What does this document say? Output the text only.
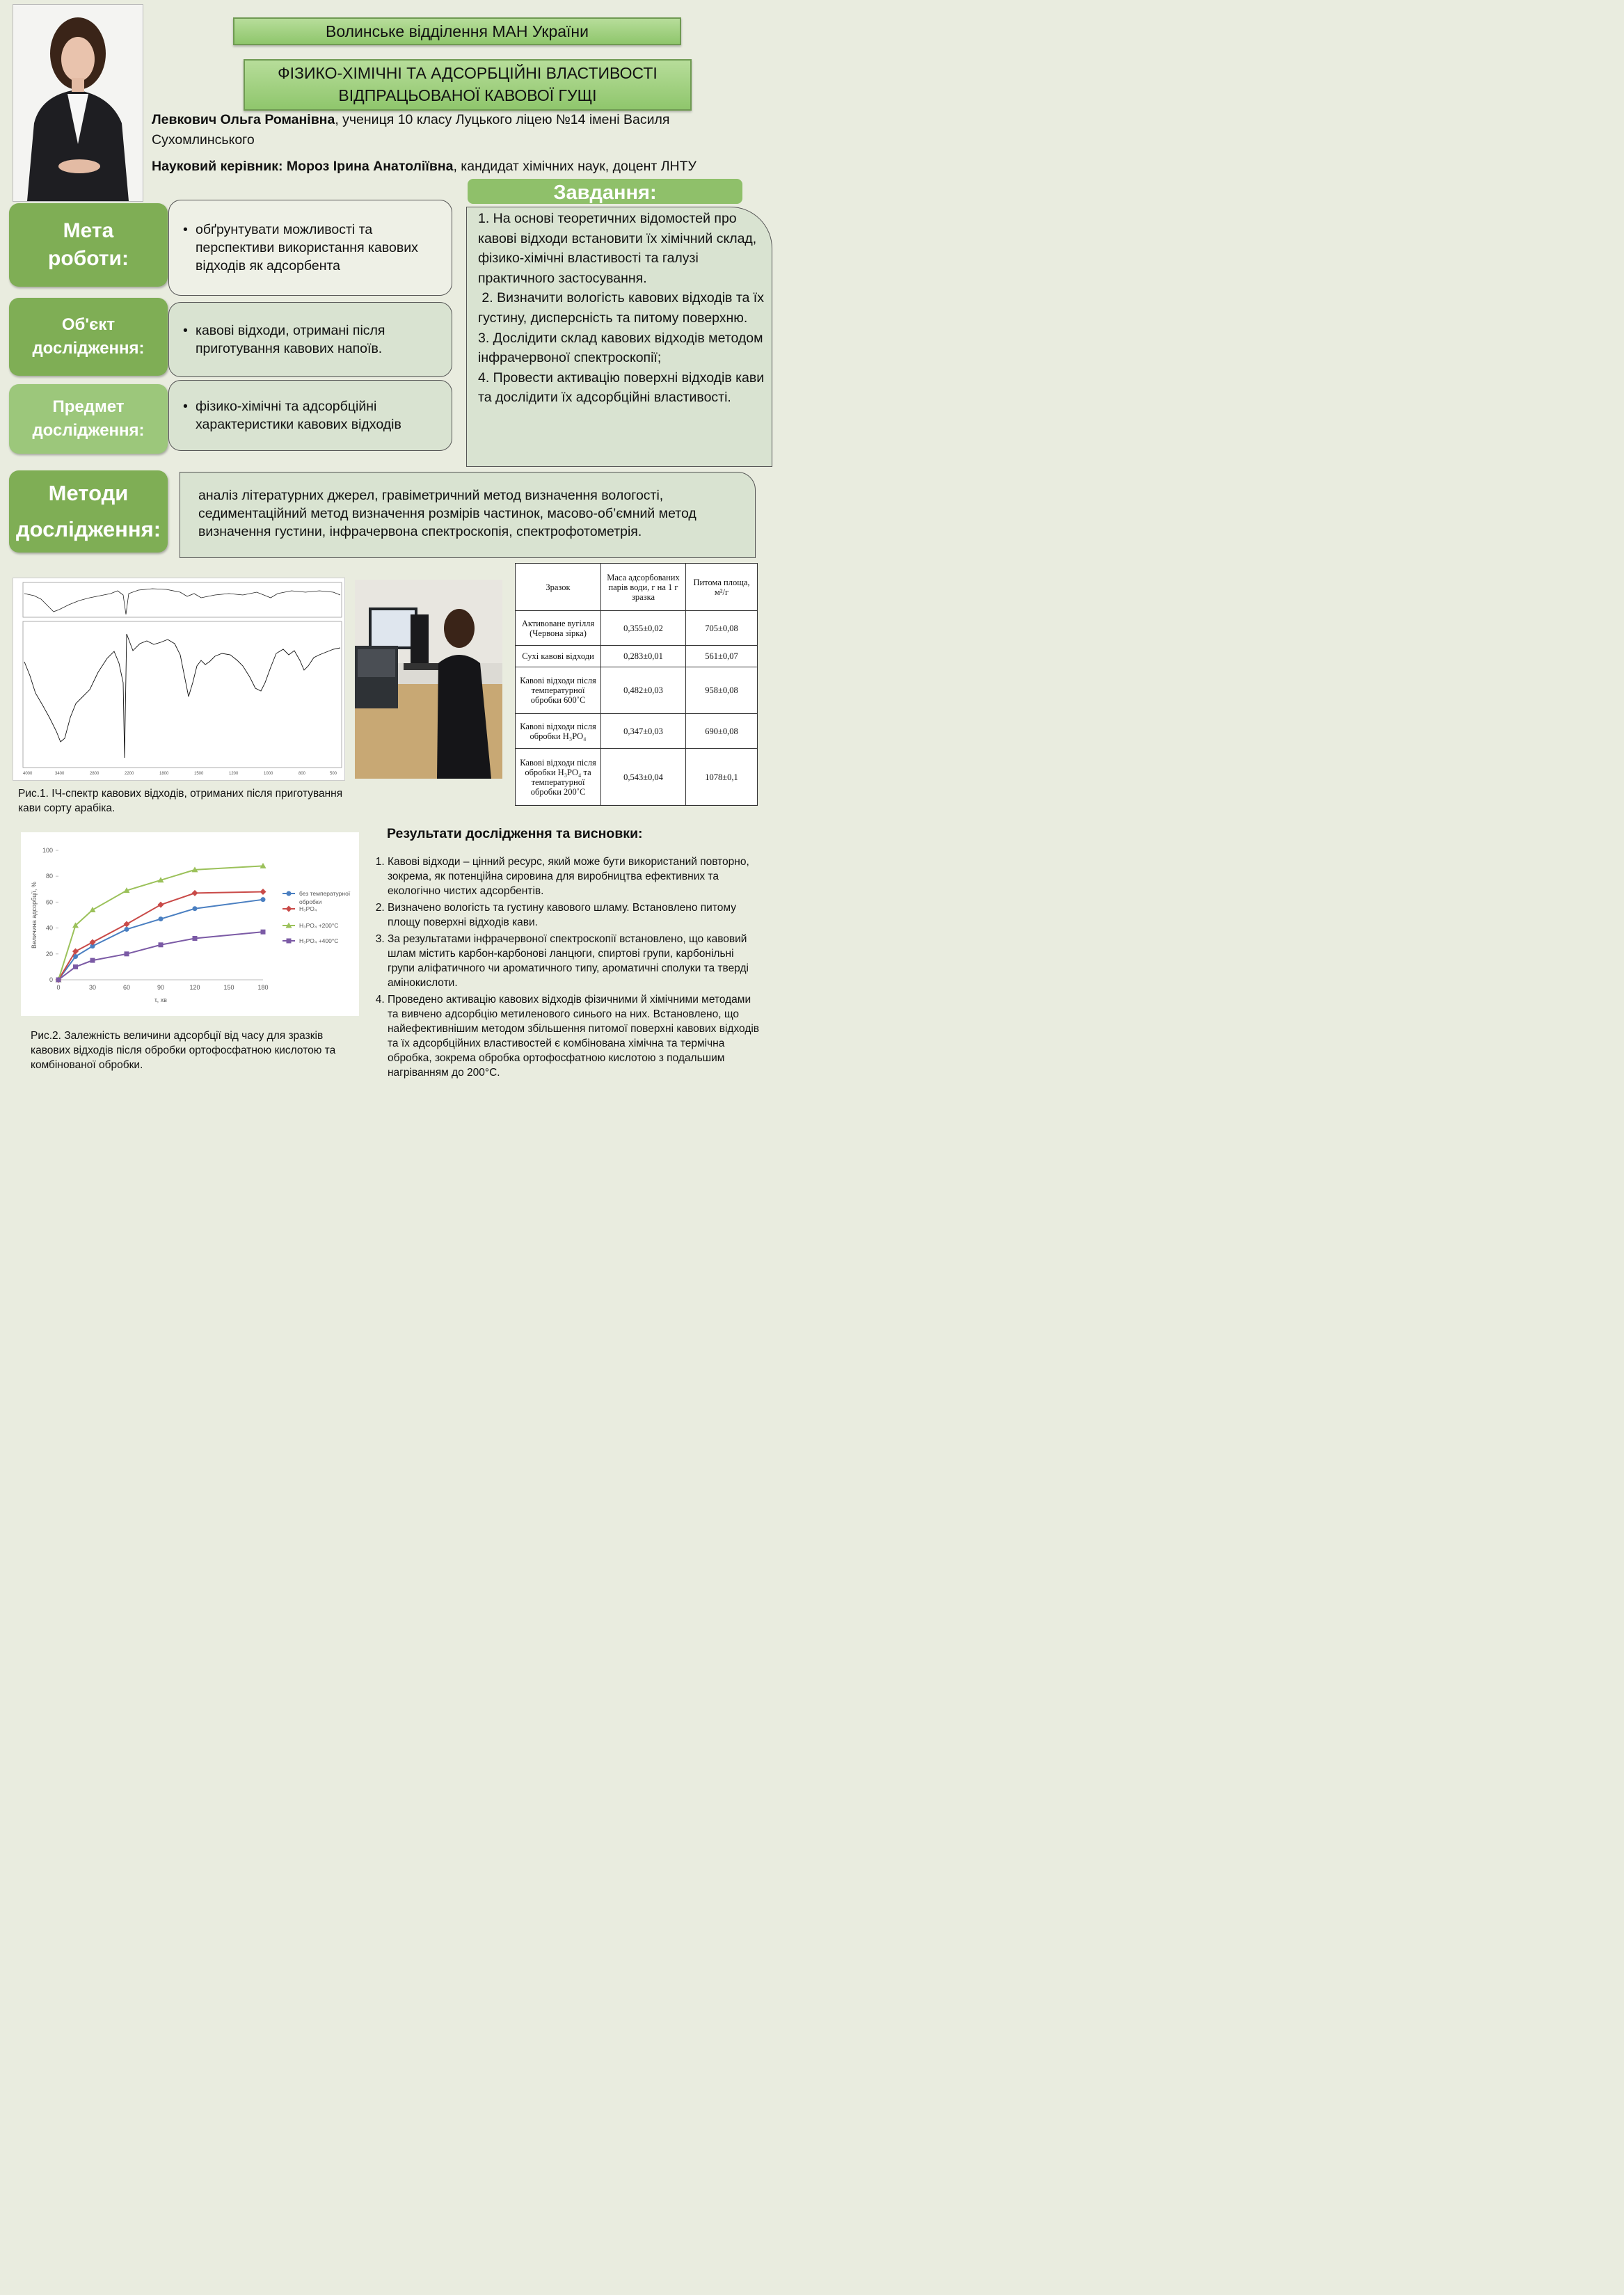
Волинське відділення МАН України
ФІЗИКО-ХІМІЧНІ ТА АДСОРБЦІЙНІ ВЛАСТИВОСТІ
ВІДПРАЦЬОВАНОЇ КАВОВОЇ ГУЩІ
Левкович Ольга Романівна, учениця 10 класу Луцького ліцею №14 імені Василя Сухомлинського
Науковий керівник: Мороз Ірина Анатоліївна, кандидат хімічних наук, доцент ЛНТУ
Мета
роботи:
• обґрунтувати можливості та перспективи використання кавових відходів як адсорбента
Об'єкт
дослідження:
• кавові відходи, отримані після приготування кавових напоїв.
Предмет
дослідження:
• фізико-хімічні та адсорбційні характеристики кавових відходів
Завдання:
1. На основі теоретичних відомостей про кавові відходи встановити їх хімічний склад, фізико-хімічні властивості та галузі практичного застосування.
2. Визначити вологість кавових відходів та їх густину, дисперсність та питому поверхню.
3. Дослідити склад кавових відходів методом інфрачервоної спектроскопії;
4. Провести активацію поверхні відходів кави та дослідити їх адсорбційні властивості.
Методи
дослідження:
аналіз літературних джерел, гравіметричний метод визначення вологості, седиментаційний метод визначення розмірів частинок, масово-об’ємний метод визначення густини, інфрачервона спектроскопія, спектрофотометрія.
4000	3400	2800	2200	1800	1500	1200	1000	800	500
Рис.1. ІЧ-спектр кавових відходів, отриманих після приготування кави сорту арабіка.
Зразок	Маса адсорбованих парів води, г на 1 г зразка	Питома площа, м²/г
Активоване вугілля (Червона зірка)	0,355±0,02	705±0,08
Сухі кавові відходи	0,283±0,01	561±0,07
Кавові відходи після температурної обробки 600˚С	0,482±0,03	958±0,08
Кавові відходи після обробки H₃PO₄	0,347±0,03	690±0,08
Кавові відходи після обробки H₃PO₄ та температурної обробки 200˚С	0,543±0,04	1078±0,1
0
20
40
60
80
100
0	30	60	90	120	150	180
τ, хв
Величина адсорбції, %	без температурної
обробки
H₃PO₄
H₃PO₄ +200°C
H₃PO₄ +400°C
Рис.2. Залежність величини адсорбції від часу для зразків кавових відходів після обробки ортофосфатною кислотою та комбінованої обробки.
Результати дослідження та висновки:
1. Кавові відходи – цінний ресурс, який може бути використаний повторно, зокрема, як потенційна сировина для виробництва ефективних та екологічно чистих адсорбентів.
2. Визначено вологість та густину кавового шламу. Встановлено питому площу поверхні відходів кави.
3. За результатами інфрачервоної спектроскопії встановлено, що кавовий шлам містить карбон-карбонові ланцюги, спиртові групи, карбонільні групи аліфатичного чи ароматичного типу, ароматичні сполуки та тверді амінокислоти.
4. Проведено активацію кавових відходів фізичними й хімічними методами та вивчено адсорбцію метиленового синього на них. Встановлено, що найефективнішим методом збільшення питомої поверхні кавових відходів та їх адсорбційних властивостей є комбінована хімічна та термічна обробка, зокрема обробка ортофосфатною кислотою з подальшим нагріванням до 200°С.
